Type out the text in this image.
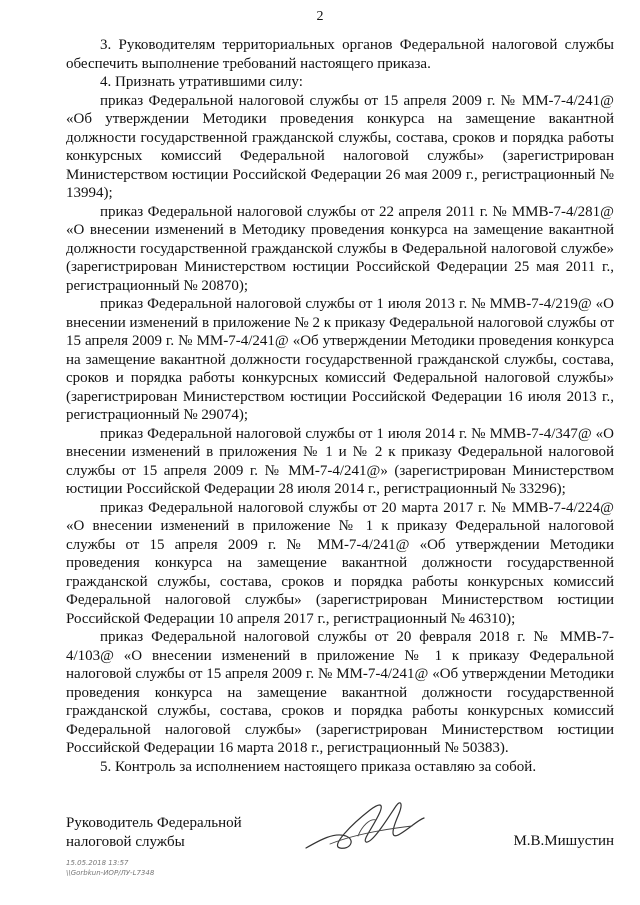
2

3. Руководителям территориальных органов Федеральной налоговой службы обеспечить выполнение требований настоящего приказа.

4. Признать утратившими силу:

приказ Федеральной налоговой службы от 15 апреля 2009 г. № ММ-7-4/241@ «Об утверждении Методики проведения конкурса на замещение вакантной должности государственной гражданской службы, состава, сроков и порядка работы конкурсных комиссий Федеральной налоговой службы» (зарегистрирован Министерством юстиции Российской Федерации 26 мая 2009 г., регистрационный № 13994);

приказ Федеральной налоговой службы от 22 апреля 2011 г. № ММВ-7-4/281@ «О внесении изменений в Методику проведения конкурса на замещение вакантной должности государственной гражданской службы в Федеральной налоговой службе» (зарегистрирован Министерством юстиции Российской Федерации 25 мая 2011 г., регистрационный № 20870);

приказ Федеральной налоговой службы от 1 июля 2013 г. № ММВ-7-4/219@ «О внесении изменений в приложение № 2 к приказу Федеральной налоговой службы от 15 апреля 2009 г. № ММ-7-4/241@ «Об утверждении Методики проведения конкурса на замещение вакантной должности государственной гражданской службы, состава, сроков и порядка работы конкурсных комиссий Федеральной налоговой службы» (зарегистрирован Министерством юстиции Российской Федерации 16 июля 2013 г., регистрационный № 29074);

приказ Федеральной налоговой службы от 1 июля 2014 г. № ММВ-7-4/347@ «О внесении изменений в приложения № 1 и № 2 к приказу Федеральной налоговой службы от 15 апреля 2009 г. № ММ-7-4/241@» (зарегистрирован Министерством юстиции Российской Федерации 28 июля 2014 г., регистрационный № 33296);

приказ Федеральной налоговой службы от 20 марта 2017 г. № ММВ-7-4/224@ «О внесении изменений в приложение № 1 к приказу Федеральной налоговой службы от 15 апреля 2009 г. № ММ-7-4/241@ «Об утверждении Методики проведения конкурса на замещение вакантной должности государственной гражданской службы, состава, сроков и порядка работы конкурсных комиссий Федеральной налоговой службы» (зарегистрирован Министерством юстиции Российской Федерации 10 апреля 2017 г., регистрационный № 46310);

приказ Федеральной налоговой службы от 20 февраля 2018 г. № ММВ-7-4/103@ «О внесении изменений в приложение № 1 к приказу Федеральной налоговой службы от 15 апреля 2009 г. № ММ-7-4/241@ «Об утверждении Методики проведения конкурса на замещение вакантной должности государственной гражданской службы, состава, сроков и порядка работы конкурсных комиссий Федеральной налоговой службы» (зарегистрирован Министерством юстиции Российской Федерации 16 марта 2018 г., регистрационный № 50383).

5. Контроль за исполнением настоящего приказа оставляю за собой.

Руководитель Федеральной
налоговой службы	М.В.Мишустин
15.05.2018 13:57
\\Gorbkun-ИОР/ЛУ-L7348
